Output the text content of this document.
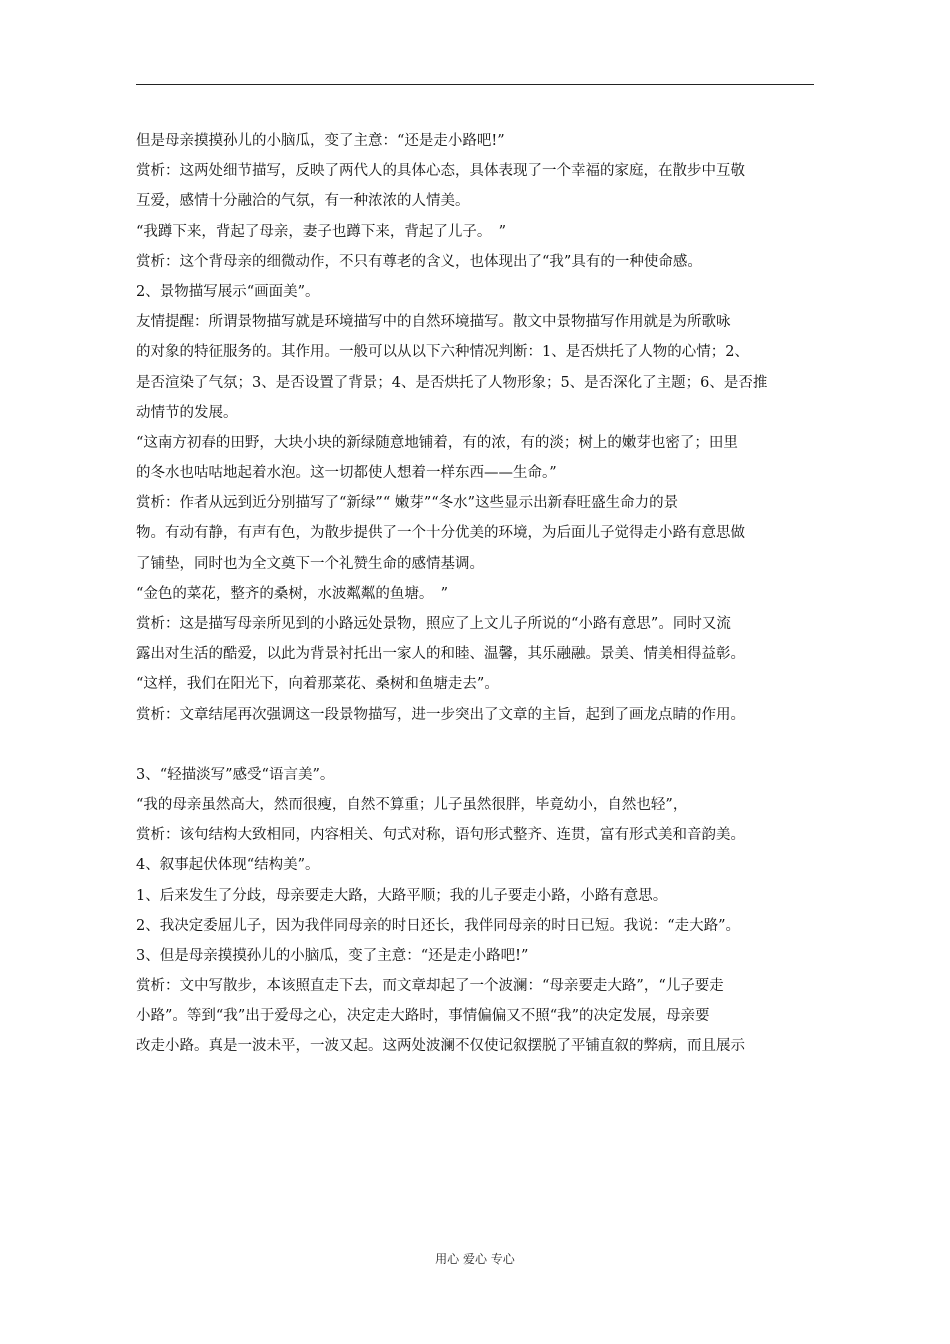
但是母亲摸摸孙儿的小脑瓜，变了主意：“还是走小路吧!”
赏析：这两处细节描写，反映了两代人的具体心态，具体表现了一个幸福的家庭，在散步中互敬
互爱，感情十分融洽的气氛，有一种浓浓的人情美。
“我蹲下来，背起了母亲，妻子也蹲下来，背起了儿子。　”
赏析：这个背母亲的细微动作，不只有尊老的含义，也体现出了“我”具有的一种使命感。
2、景物描写展示“画面美”。
友情提醒：所谓景物描写就是环境描写中的自然环境描写。散文中景物描写作用就是为所歌咏
的对象的特征服务的。其作用。一般可以从以下六种情况判断：1、是否烘托了人物的心情；2、
是否渲染了气氛；3、是否设置了背景；4、是否烘托了人物形象；5、是否深化了主题；6、是否推
动情节的发展。
“这南方初春的田野，大块小块的新绿随意地铺着，有的浓，有的淡；树上的嫩芽也密了；田里
的冬水也咕咕地起着水泡。这一切都使人想着一样东西——生命。”
赏析：作者从远到近分别描写了“新绿”“ 嫩芽”“冬水”这些显示出新春旺盛生命力的景
物。有动有静，有声有色，为散步提供了一个十分优美的环境，为后面儿子觉得走小路有意思做
了铺垫，同时也为全文奠下一个礼赞生命的感情基调。
“金色的菜花，整齐的桑树，水波粼粼的鱼塘。　”
赏析：这是描写母亲所见到的小路远处景物，照应了上文儿子所说的“小路有意思”。同时又流
露出对生活的酷爱，以此为背景衬托出一家人的和睦、温馨，其乐融融。景美、情美相得益彰。
“这样，我们在阳光下，向着那菜花、桑树和鱼塘走去”。
赏析：文章结尾再次强调这一段景物描写，进一步突出了文章的主旨，起到了画龙点睛的作用。
3、“轻描淡写”感受“语言美”。
“我的母亲虽然高大，然而很瘦，自然不算重；儿子虽然很胖，毕竟幼小，自然也轻”，
赏析：该句结构大致相同，内容相关、句式对称，语句形式整齐、连贯，富有形式美和音韵美。
4、叙事起伏体现“结构美”。
1、后来发生了分歧，母亲要走大路，大路平顺；我的儿子要走小路，小路有意思。
2、我决定委屈儿子，因为我伴同母亲的时日还长，我伴同母亲的时日已短。我说：“走大路”。
3、但是母亲摸摸孙儿的小脑瓜，变了主意：“还是走小路吧!”
赏析：文中写散步，本该照直走下去，而文章却起了一个波澜：“母亲要走大路”，“儿子要走
小路”。等到“我”出于爱母之心，决定走大路时，事情偏偏又不照“我”的决定发展，母亲要
改走小路。真是一波未平，一波又起。这两处波澜不仅使记叙摆脱了平铺直叙的弊病，而且展示
用心 爱心 专心
